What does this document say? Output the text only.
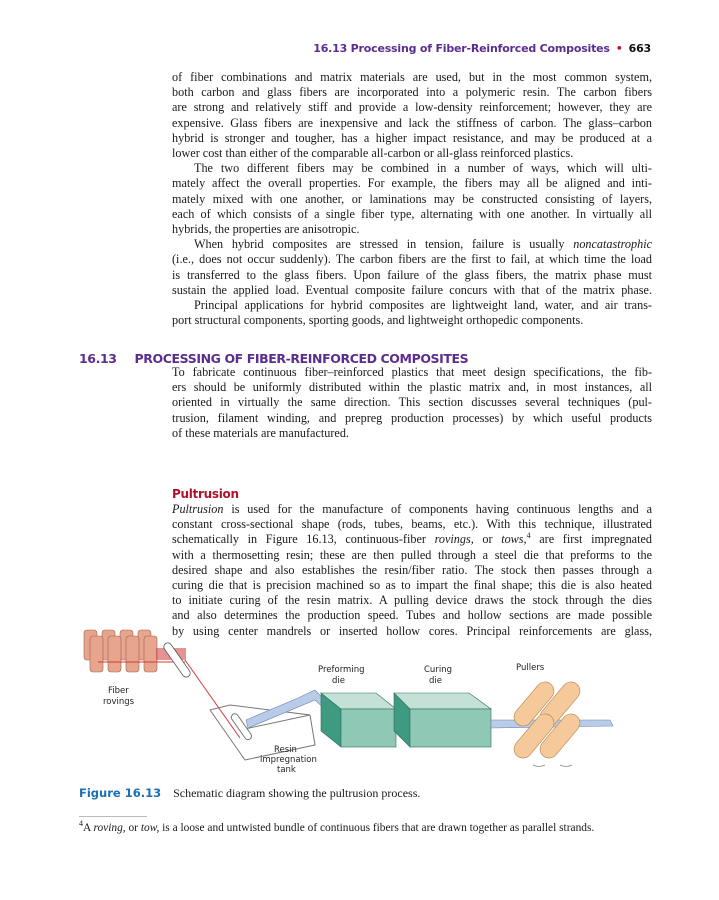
16.13 Processing of Fiber-Reinforced Composites • 663
of fiber combinations and matrix materials are used, but in the most common system,
both carbon and glass fibers are incorporated into a polymeric resin. The carbon fibers
are strong and relatively stiff and provide a low-density reinforcement; however, they are
expensive. Glass fibers are inexpensive and lack the stiffness of carbon. The glass–carbon
hybrid is stronger and tougher, has a higher impact resistance, and may be produced at a
lower cost than either of the comparable all-carbon or all-glass reinforced plastics.
The two different fibers may be combined in a number of ways, which will ulti-
mately affect the overall properties. For example, the fibers may all be aligned and inti-
mately mixed with one another, or laminations may be constructed consisting of layers,
each of which consists of a single fiber type, alternating with one another. In virtually all
hybrids, the properties are anisotropic.
When hybrid composites are stressed in tension, failure is usually noncatastrophic
(i.e., does not occur suddenly). The carbon fibers are the first to fail, at which time the load
is transferred to the glass fibers. Upon failure of the glass fibers, the matrix phase must
sustain the applied load. Eventual composite failure concurs with that of the matrix phase.
Principal applications for hybrid composites are lightweight land, water, and air trans-
port structural components, sporting goods, and lightweight orthopedic components.
16.13 PROCESSING OF FIBER-REINFORCED COMPOSITES
To fabricate continuous fiber–reinforced plastics that meet design specifications, the fib-
ers should be uniformly distributed within the plastic matrix and, in most instances, all
oriented in virtually the same direction. This section discusses several techniques (pul-
trusion, filament winding, and prepreg production processes) by which useful products
of these materials are manufactured.
Pultrusion
Pultrusion is used for the manufacture of components having continuous lengths and a
constant cross-sectional shape (rods, tubes, beams, etc.). With this technique, illustrated
schematically in Figure 16.13, continuous-fiber rovings, or tows,$^4$ are first impregnated
with a thermosetting resin; these are then pulled through a steel die that preforms to the
desired shape and also establishes the resin/fiber ratio. The stock then passes through a
curing die that is precision machined so as to impart the final shape; this die is also heated
to initiate curing of the resin matrix. A pulling device draws the stock through the dies
and also determines the production speed. Tubes and hollow sections are made possible
by using center mandrels or inserted hollow cores. Principal reinforcements are glass,
Fiber
rovings
Resin
impregnation
tank
Preforming
die
Curing
die
Pullers
Figure 16.13 Schematic diagram showing the pultrusion process.
$^4$A roving, or tow, is a loose and untwisted bundle of continuous fibers that are drawn together as parallel strands.
